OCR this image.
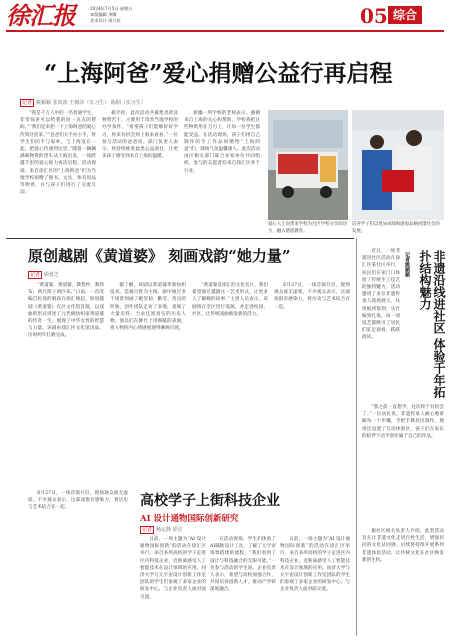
徐汇报	2024年7月5日 星期五
本版编辑 李娜
美术设计 周月花	05 综合
“上海阿爸”爱心捐赠公益行再启程
记者 姚颖颖 张海波 王枫泽（实习生） 陈桐（实习生）

“我是千万人中的一名普通学生，非常惊喜可以给我的同一点点的帮助。”“我们是来把一个上海阿爸的爱心传到这里来。”“爸爸们大手拉小手，将学生们的手与家乡、与上海连在一起，把爱心传递到这里。”随着一辆辆满载物资的货车从上海出发，一场跨越千里的爱心接力再次启程。活动现场，来自徐汇区的“上海阿爸”们为当地学校捐赠了图书、文具、体育用品等物资，并与孩子们进行了交流互动。

据介绍，此次活动共募集善款及物资若干，主要用于改善当地学校的办学条件。“希望孩子们能够好好学习，将来有机会到上海来看看。”一位参与活动的爸爸说。部门负责人表示，将持续推进此类公益项目，让更多孩子感受到来自上海的温暖。

新疆一所学校的老师表示，感谢来自上海的关心和帮助。学校将把这些物资用在刀刃上，让每一位学生都能受益。在活动现场，孩子们用自己制作的手工作品回赠给“上海阿爸”们，现场气氛温馨感人。此次活动由区相关部门联合多家单位共同组织，参与的志愿者均来自徐汇区各个行业。

爱心人士向带来学校为台区学校分享的功力，融入感恩教育。
培养学子们以优异成绩和感恩品格回馈社会的发展。
原创越剧《黄道婆》 刻画戏韵“她力量”
记者 顾蓉芝

“黄道婆，黄道婆，教我纱，教我布，两只筒子两匹布。”日前，一首改编自民谣的唱段在徐汇响起。原创越剧《黄道婆》在区文化馆首演，以戏曲的形式讲述了元代棉纺织家黄道婆的传奇一生，展现了中华女性的智慧与力量。该剧由徐汇区文化馆出品，历时两年打磨完成。

据了解，该剧以黄道婆革新纺织技术、造福百姓为主线，剧中通过多个场景刻画了她坚韧、勤劳、善良的形象。创作团队走访了多地，查阅了大量史料，力求还原真实的历史人物。演员们在舞台上用细腻的表演，将人物的内心情感展现得淋漓尽致。

“黄道婆是徐汇的文化名片，我们希望通过越剧这一艺术形式，让更多人了解她的故事。”主创人员表示，该剧将在全区进行巡演，并走进校园、社区，让传统戏曲焕发新的活力。

6月27日，一场首演开启，现场观众座无虚席。不少观众表示，这部戏很有感染力，将历史与艺术结合在一起。

6月27日，一场首演开启，现场观众座无虚席。不少观众表示，这部戏很有感染力，将历史与艺术结合在一起。	高校学子上街科技企业
AI 设计通物国际创新研究
记者 杨定静 徐洁

日前，一场主题为“AI 设计通物国际创新”的活动在徐汇区举行，来自多所高校的学子走进区内科技企业，近距离感受人工智能技术在设计领域的应用。同济大学与元宇宙设计创新工作室团队的学生们参观了多家企业的研发中心，与企业负责人面对面交流。

在活动现场，学生们体验了AI辅助设计工具，了解了元宇宙场景搭建的流程。“我们看到了设计与科技融合的无限可能。”一名参与活动的学生说。企业负责人表示，希望与高校加强合作，共同培养创新人才，推动产学研深度融合。

日前，一场主题为“AI 设计通物国际创新”的活动在徐汇区举行，来自多所高校的学子走进区内科技企业，近距离感受人工智能技术在设计领域的应用。同济大学与元宇宙设计创新工作室团队的学生们参观了多家企业的研发中心，与企业负责人面对面交流。

非遗沿线进社区 体验千年拓扑结构魅力
记者姚颖颖

近日，一场非遗进社区活动在徐汇区某社区举行，居民们在家门口体验了传统手工技艺的独特魅力。活动邀请了多位非遗传承人现场展示，从剪纸到篆刻，从竹编到扎染，每一项技艺都吸引了居民们驻足观看，跃跃欲试。

“我之前一直想学，这次终于有机会了。”一位居民说。非遗传承人耐心地讲解每一个步骤，手把手教居民制作。现场还设置了互动体验区，孩子们在家长的陪伴下动手创作属于自己的作品。

据社区相关负责人介绍，此类活动旨在让非遗文化走进百姓生活，增强居民的文化认同感。后续将持续开展系列非遗体验活动，让传统文化在社区焕发新的生机。
